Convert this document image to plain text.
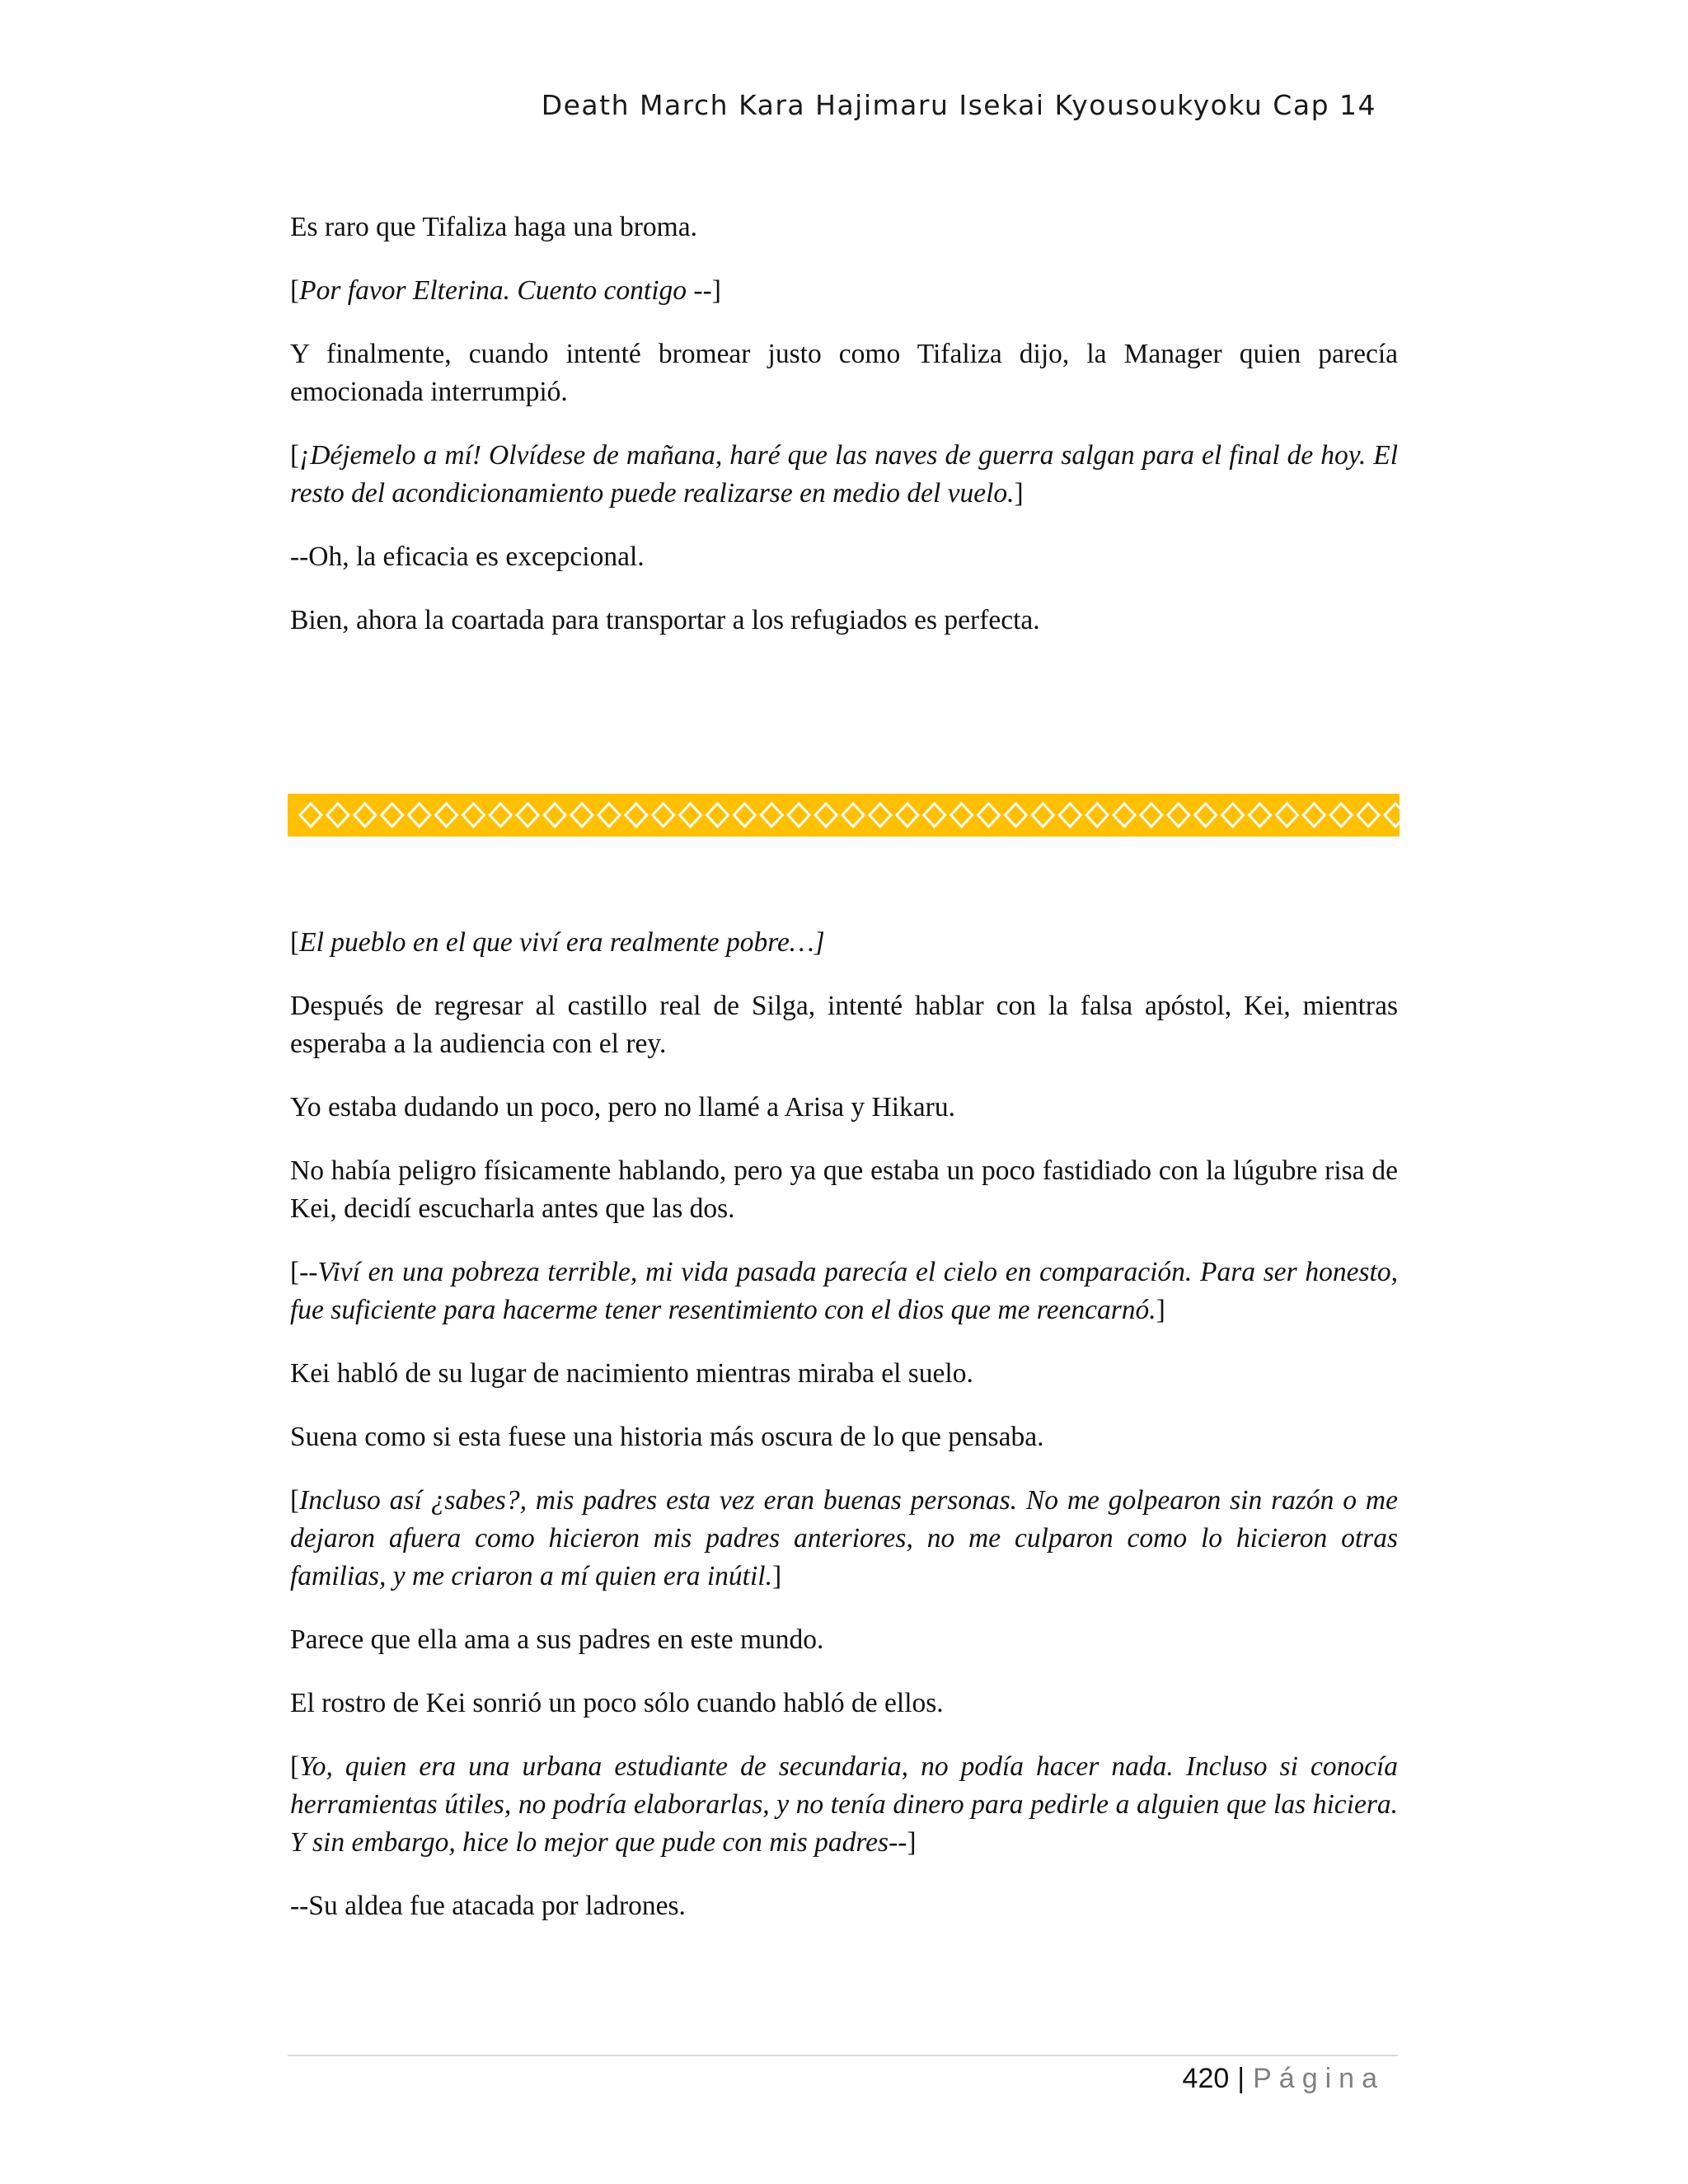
Death March Kara Hajimaru Isekai Kyousoukyoku Cap 14

Es raro que Tifaliza haga una broma.

[Por favor Elterina. Cuento contigo --]

Y finalmente, cuando intenté bromear justo como Tifaliza dijo, la Manager quien parecía emocionada interrumpió.

[¡Déjemelo a mí! Olvídese de mañana, haré que las naves de guerra salgan para el final de hoy. El resto del acondicionamiento puede realizarse en medio del vuelo.]

--Oh, la eficacia es excepcional.

Bien, ahora la coartada para transportar a los refugiados es perfecta.

[El pueblo en el que viví era realmente pobre…]

Después de regresar al castillo real de Silga, intenté hablar con la falsa apóstol, Kei, mientras esperaba a la audiencia con el rey.

Yo estaba dudando un poco, pero no llamé a Arisa y Hikaru.

No había peligro físicamente hablando, pero ya que estaba un poco fastidiado con la lúgubre risa de Kei, decidí escucharla antes que las dos.

[--Viví en una pobreza terrible, mi vida pasada parecía el cielo en comparación. Para ser honesto, fue suficiente para hacerme tener resentimiento con el dios que me reencarnó.]

Kei habló de su lugar de nacimiento mientras miraba el suelo.

Suena como si esta fuese una historia más oscura de lo que pensaba.

[Incluso así ¿sabes?, mis padres esta vez eran buenas personas. No me golpearon sin razón o me dejaron afuera como hicieron mis padres anteriores, no me culparon como lo hicieron otras familias, y me criaron a mí quien era inútil.]

Parece que ella ama a sus padres en este mundo.

El rostro de Kei sonrió un poco sólo cuando habló de ellos.

[Yo, quien era una urbana estudiante de secundaria, no podía hacer nada. Incluso si conocía herramientas útiles, no podría elaborarlas, y no tenía dinero para pedirle a alguien que las hiciera. Y sin embargo, hice lo mejor que pude con mis padres--]

--Su aldea fue atacada por ladrones.

420 | Página
